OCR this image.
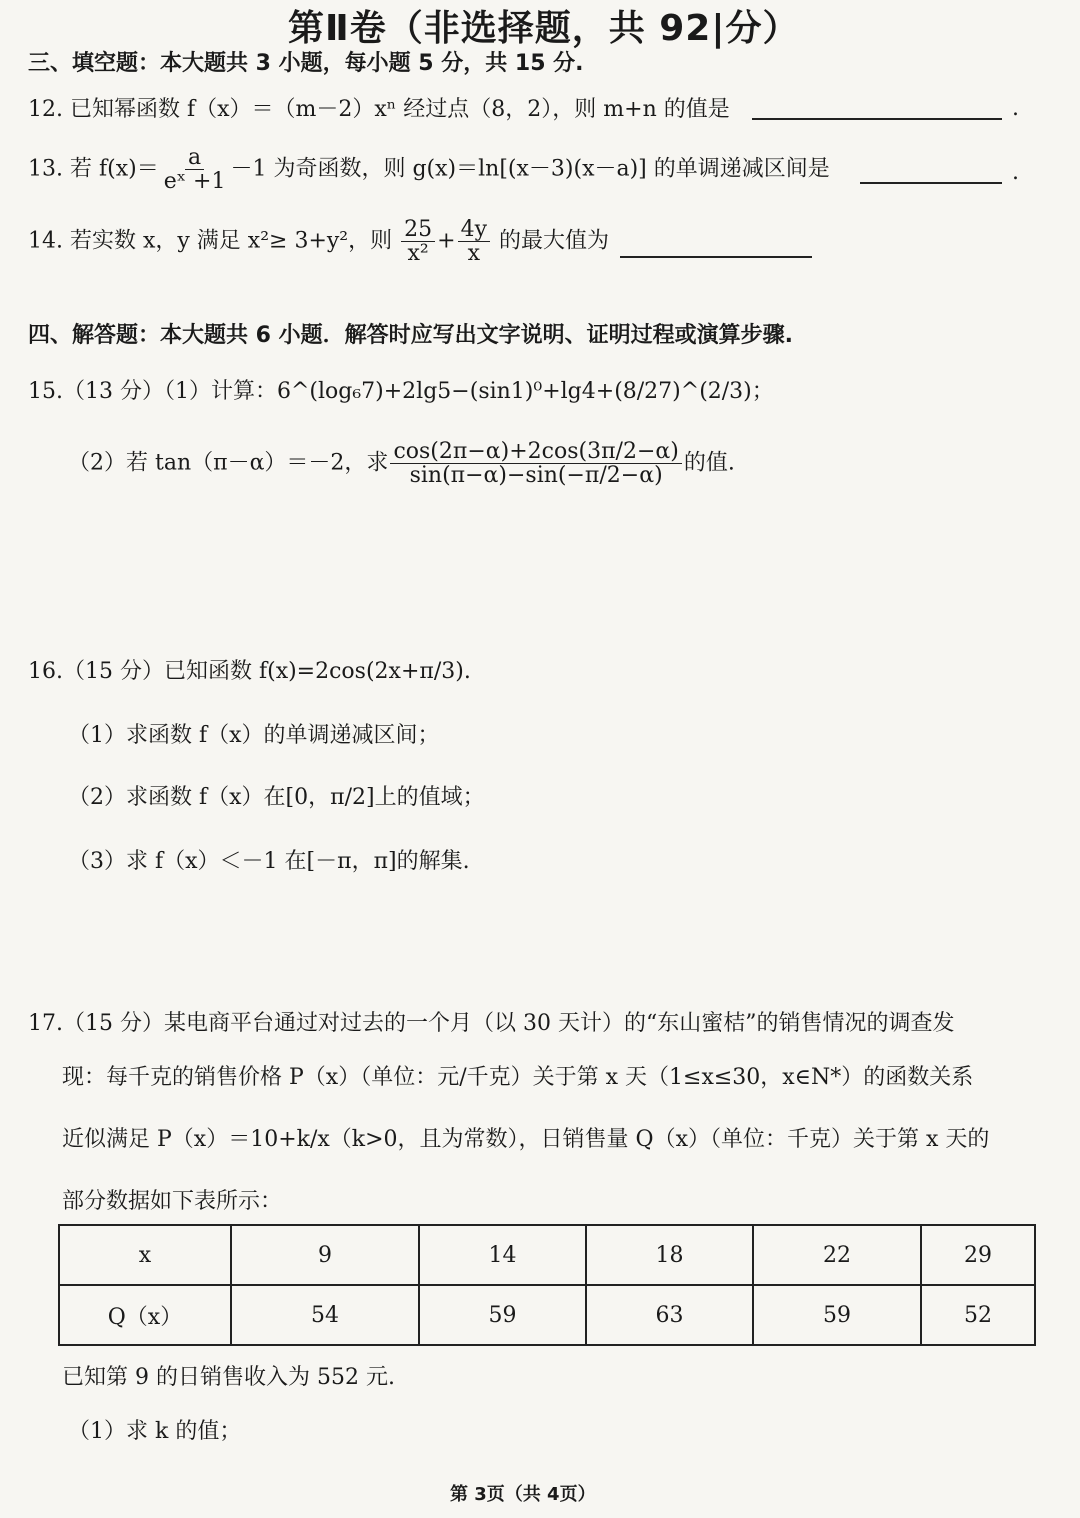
第Ⅱ卷（非选择题，共 92|分）
三、填空题：本大题共 3 小题，每小题 5 分，共 15 分.
12. 已知幂函数 f（x）＝（m－2）xⁿ 经过点（8，2），则 m+n 的值是	.
13. 若 $f(x)= \frac{a}{\text{eˣ +1}} -1$ 为奇函数，则 g(x)＝ln[(x－3)(x－a)] 的单调递减区间是	.
14. 若实数 x，y 满足 x²≥ 3+y²，则 $\frac{25}{\text{x²}} + \frac{4y}{x}$ 的最大值为
四、解答题：本大题共 6 小题．解答时应写出文字说明、证明过程或演算步骤.
15.（13 分）（1）计算：6^(log₆7)+2lg5−(sin1)⁰+lg4+(8/27)^(2/3)；
（2）若 tan（π－α）＝－2，求 $\frac{\cos(2\pi-\alpha)+2\cos(3\pi/2-\alpha)}{\sin(\pi-\alpha)-\sin(-\pi/2-\alpha)}$ 的值.
16.（15 分）已知函数 f(x)=2cos(2x+π/3).
（1）求函数 f（x）的单调递减区间；
（2）求函数 f（x）在[0，π/2]上的值域；
（3）求 f（x）＜－1 在[－π，π]的解集.
17.（15 分）某电商平台通过对过去的一个月（以 30 天计）的“东山蜜桔”的销售情况的调查发
现：每千克的销售价格 P（x）（单位：元/千克）关于第 x 天（1≤x≤30，x∈N*）的函数关系
近似满足 P（x）＝10+k/x（k>0，且为常数），日销售量 Q（x）（单位：千克）关于第 x 天的
部分数据如下表所示：
x	9	14	18	22	29
Q（x）	54	59	63	59	52
已知第 9 的日销售收入为 552 元.
（1）求 k 的值；
第 3页（共 4页）
